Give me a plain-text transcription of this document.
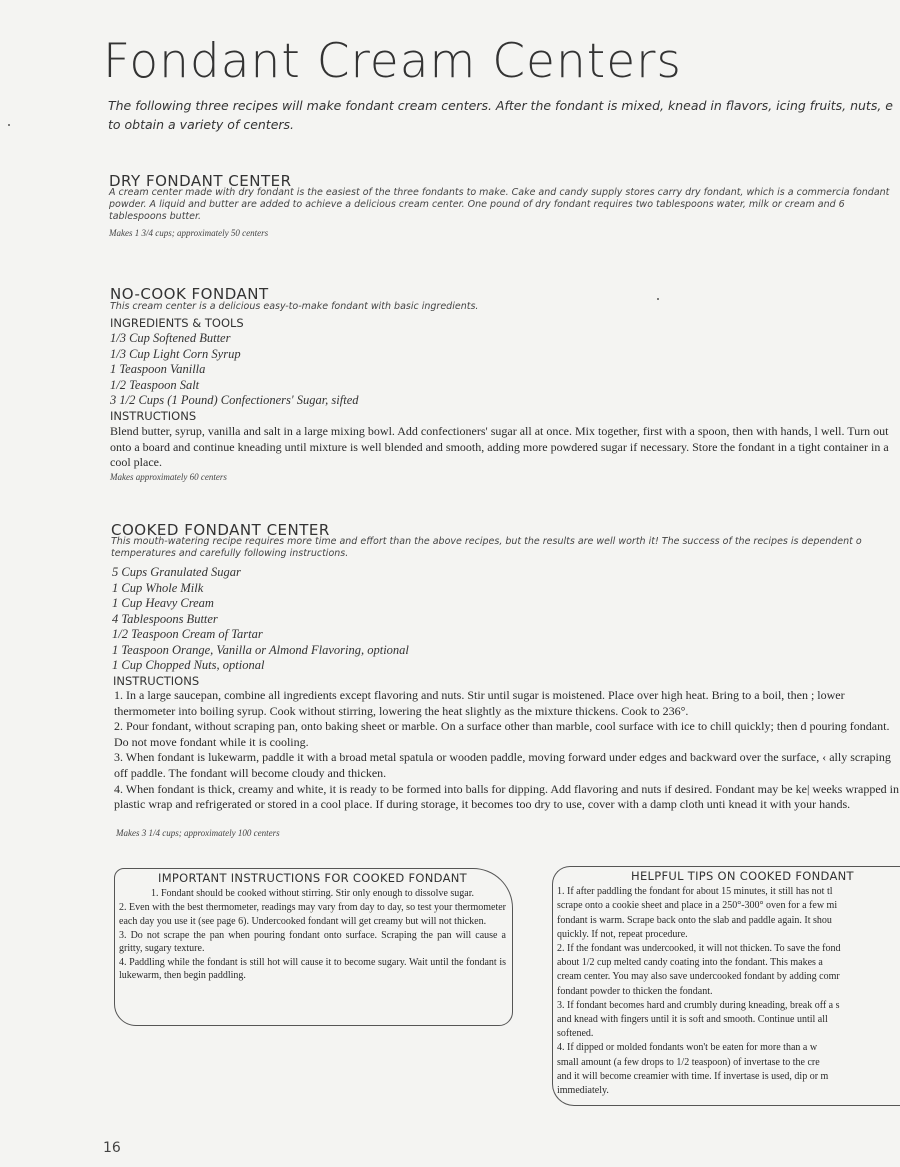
Fondant Cream Centers
The following three recipes will make fondant cream centers. After the fondant is mixed, knead in flavors, icing fruits, nuts, e to obtain a variety of centers.
DRY FONDANT CENTER
A cream center made with dry fondant is the easiest of the three fondants to make. Cake and candy supply stores carry dry fondant, which is a commercia fondant powder. A liquid and butter are added to achieve a delicious cream center. One pound of dry fondant requires two tablespoons water, milk or cream and 6 tablespoons butter.
Makes 1 3/4 cups; approximately 50 centers
NO-COOK FONDANT
This cream center is a delicious easy-to-make fondant with basic ingredients.
INGREDIENTS & TOOLS
1/3 Cup Softened Butter
1/3 Cup Light Corn Syrup
1 Teaspoon Vanilla
1/2 Teaspoon Salt
3 1/2 Cups (1 Pound) Confectioners' Sugar, sifted
INSTRUCTIONS
Blend butter, syrup, vanilla and salt in a large mixing bowl. Add confectioners' sugar all at once. Mix together, first with a spoon, then with hands, l well. Turn out onto a board and continue kneading until mixture is well blended and smooth, adding more powdered sugar if necessary. Store the fondant in a tight container in a cool place.
Makes approximately 60 centers
COOKED FONDANT CENTER
This mouth-watering recipe requires more time and effort than the above recipes, but the results are well worth it! The success of the recipes is dependent o temperatures and carefully following instructions.
5 Cups Granulated Sugar
1 Cup Whole Milk
1 Cup Heavy Cream
4 Tablespoons Butter
1/2 Teaspoon Cream of Tartar
1 Teaspoon Orange, Vanilla or Almond Flavoring, optional
1 Cup Chopped Nuts, optional
INSTRUCTIONS

1. In a large saucepan, combine all ingredients except flavoring and nuts. Stir until sugar is moistened. Place over high heat. Bring to a boil, then ; lower thermometer into boiling syrup. Cook without stirring, lowering the heat slightly as the mixture thickens. Cook to 236°.

2. Pour fondant, without scraping pan, onto baking sheet or marble. On a surface other than marble, cool surface with ice to chill quickly; then d pouring fondant. Do not move fondant while it is cooling.

3. When fondant is lukewarm, paddle it with a broad metal spatula or wooden paddle, moving forward under edges and backward over the surface, ‹ ally scraping off paddle. The fondant will become cloudy and thicken.

4. When fondant is thick, creamy and white, it is ready to be formed into balls for dipping. Add flavoring and nuts if desired. Fondant may be ke| weeks wrapped in plastic wrap and refrigerated or stored in a cool place. If during storage, it becomes too dry to use, cover with a damp cloth unti knead it with your hands.

Makes 3 1/4 cups; approximately 100 centers
IMPORTANT INSTRUCTIONS FOR COOKED FONDANT

1. Fondant should be cooked without stirring. Stir only enough to dissolve sugar.

2. Even with the best thermometer, readings may vary from day to day, so test your thermometer each day you use it (see page 6). Undercooked fondant will get creamy but will not thicken.

3. Do not scrape the pan when pouring fondant onto surface. Scraping the pan will cause a gritty, sugary texture.

4. Paddling while the fondant is still hot will cause it to become sugary. Wait until the fondant is lukewarm, then begin paddling.

HELPFUL TIPS ON COOKED FONDANT

1. If after paddling the fondant for about 15 minutes, it still has not tl

scrape onto a cookie sheet and place in a 250°-300° oven for a few mi

fondant is warm. Scrape back onto the slab and paddle again. It shou

quickly. If not, repeat procedure.

2. If the fondant was undercooked, it will not thicken. To save the fond

about 1/2 cup melted candy coating into the fondant. This makes a

cream center. You may also save undercooked fondant by adding comr

fondant powder to thicken the fondant.

3. If fondant becomes hard and crumbly during kneading, break off a s

and knead with fingers until it is soft and smooth. Continue until all

softened.

4. If dipped or molded fondants won't be eaten for more than a w

small amount (a few drops to 1/2 teaspoon) of invertase to the cre

and it will become creamier with time. If invertase is used, dip or m

immediately.

16
